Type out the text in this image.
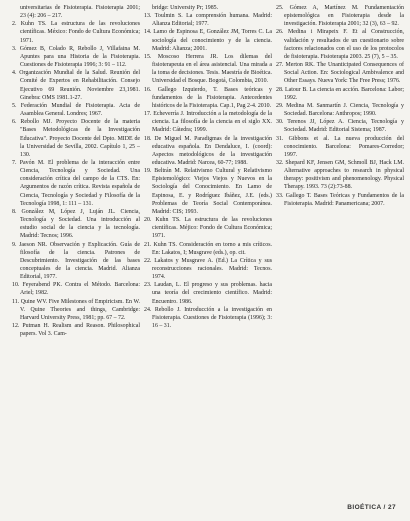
universitarias de Fisioterapia. Fisioterapia 2001; 23 (4): 206 – 217.

2. Kuhn TS. La estructura de las revoluciones científicas. México: Fondo de Cultura Económica; 1971.

3. Gómez B, Colado R, Rebollo J, Villafaina M. Apuntes para una Historia de la Fisioterapia. Cuestiones de Fisioterapia 1996; 3: 91 – 112.

4. Organización Mundial de la Salud. Reunión del Comité de Expertos en Rehabilitación. Consejo Ejecutivo 69 Reunión. Noviembre 23,1981. Ginebra: OMS 1981.1-27.

5. Federación Mundial de Fisioterapia. Acta de Asamblea General. Londres; 1967.

6. Rebollo MJ. Proyecto Docente de la materia "Bases Metodológicas de la Investigación Educativa". Proyecto Docente del Dpto. MIDE de la Universidad de Sevilla, 2002. Capítulo 1, 25 – 130.

7. Pavón M. El problema de la interacción entre Ciencia, Tecnología y Sociedad. Una consideración crítica del campo de la CTS. En: Argumentos de razón crítica. Revista española de Ciencia, Tecnología y Sociedad y Filosofía de la Tecnología 1998, 1: 111 – 131.

8. González M, López J, Luján JL. Ciencia, Tecnología y Sociedad. Una introducción al estudio social de la ciencia y la tecnología. Madrid: Tecnos; 1996.

9. Jaeson NR. Observación y Explicación. Guía de filosofía de la ciencia. Patrones de Descubrimiento. Investigación de las bases conceptuales de la ciencia. Madrid. Alianza Editorial, 1977.

10. Feyerabend PK. Contra el Método. Barcelona: Ariel; 1982.

11. Quine WV. Five Milestones of Empiricism. En W. V. Quine Theories and things, Cambridge: Harvard University Press, 1981; pp. 67 – 72.

12. Putman H. Realism and Reason. Philosophical papers. Vol 3. Cam-

bridge: University Pr; 1985.

13. Toulmin S. La comprensión humana. Madrid: Alianza Editorial; 1977.

14. Lamo de Espinosa E, González JM, Torres C. La sociología del conocimiento y de la ciencia. Madrid: Alianza; 2001.

15. Moscoso Herrera JR. Los dilemas del fisioterapeuta en el área asistencial. Una mirada a la toma de decisiones. Tesis. Maestría de Bioética. Universidad el Bosque. Bogotá, Colombia, 2010.

16. Gallego Izquierdo, T. Bases teóricas y fundamentos de la Fisioterapia. Antecedentes históricos de la Fisioterapia. Cap.1, Pag 2-4. 2010.

17. Echeverría J. Introducción a la metodología de la ciencia. La filosofía de la ciencia en el siglo XX. Madrid: Cátedra; 1999.

18. De Miguel M. Paradigmas de la investigación educativa española. En Dendaluce, I. (coord): Aspectos metodológicos de la investigación educativa. Madrid: Narcea, 60-77; 1988.

19. Beltrán M. Relativismo Cultural y Relativismo Epistemológico: Viejos Viejos y Nuevos en la Sociología del Conocimiento. En Lamo de Espinosa, E. y Rodríguez Ibáñez, J.E. (eds.) Problemas de Teoría Social Contemporánea. Madrid: CIS; 1993.

20. Kuhn TS. La estructura de las revoluciones científicas. Méjico: Fondo de Cultura Económica; 1971.

21. Kuhn TS. Consideración en torno a mis críticos. En: Lakatos, I; Musgrave (eds.), op. cit.

22. Lakatos y Musgrave A. (Ed.) La Crítica y sus reconstrucciones racionales. Madrid: Tecnos. 1974.

23. Laudan, L. El progreso y sus problemas. hacia una teoría del crecimiento científico. Madrid: Encuentro. 1986.

24. Rebollo J. Introducción a la investigación en Fisioterapia. Cuestiones de Fisioterapia (1996); 3: 16 – 31.

25. Gómez A, Martínez M. Fundamentación epistemológica en Fisioterapia desde la investigación. Fisioterapia 2001; 32 (3), 63 – 92.

26. Medina i Mirapeix F. Et al Construcción, validación y resultados de un cuestionario sobre factores relacionados con el uso de los protocolos de fisioterapia. Fisioterapia 2003. 25 (7), 5 – 35.

27. Merton RK. The Unanticipated Consequences of Social Action. En: Sociological Ambivalence and Other Essays. Nueva York: The Free Press; 1976.

28. Latour B. La ciencia en acción. Barcelona: Labor; 1992.

29. Medina M. Sanmartín J. Ciencia, Tecnología y Sociedad. Barcelona: Anthropos; 1990.

30. Terenos JJ, López A. Ciencia, Tecnología y Sociedad. Madrid: Editorial Sistema; 1987.

31. Gibbons et al. La nueva producción del conocimiento. Barcelona: Pomares-Corredor; 1997.

32. Shepard KF, Jensen GM, Schmoll BJ, Hack LM. Alternative approaches to research in physical therapy: positivism and phenomenology. Physical Therapy. 1993. 73 (2):73-88.

33. Gallego T. Bases Teóricas y Fundamentos de la Fisioterapia. Madrid: Panamericana; 2007.

BIOÉTICA / 27
